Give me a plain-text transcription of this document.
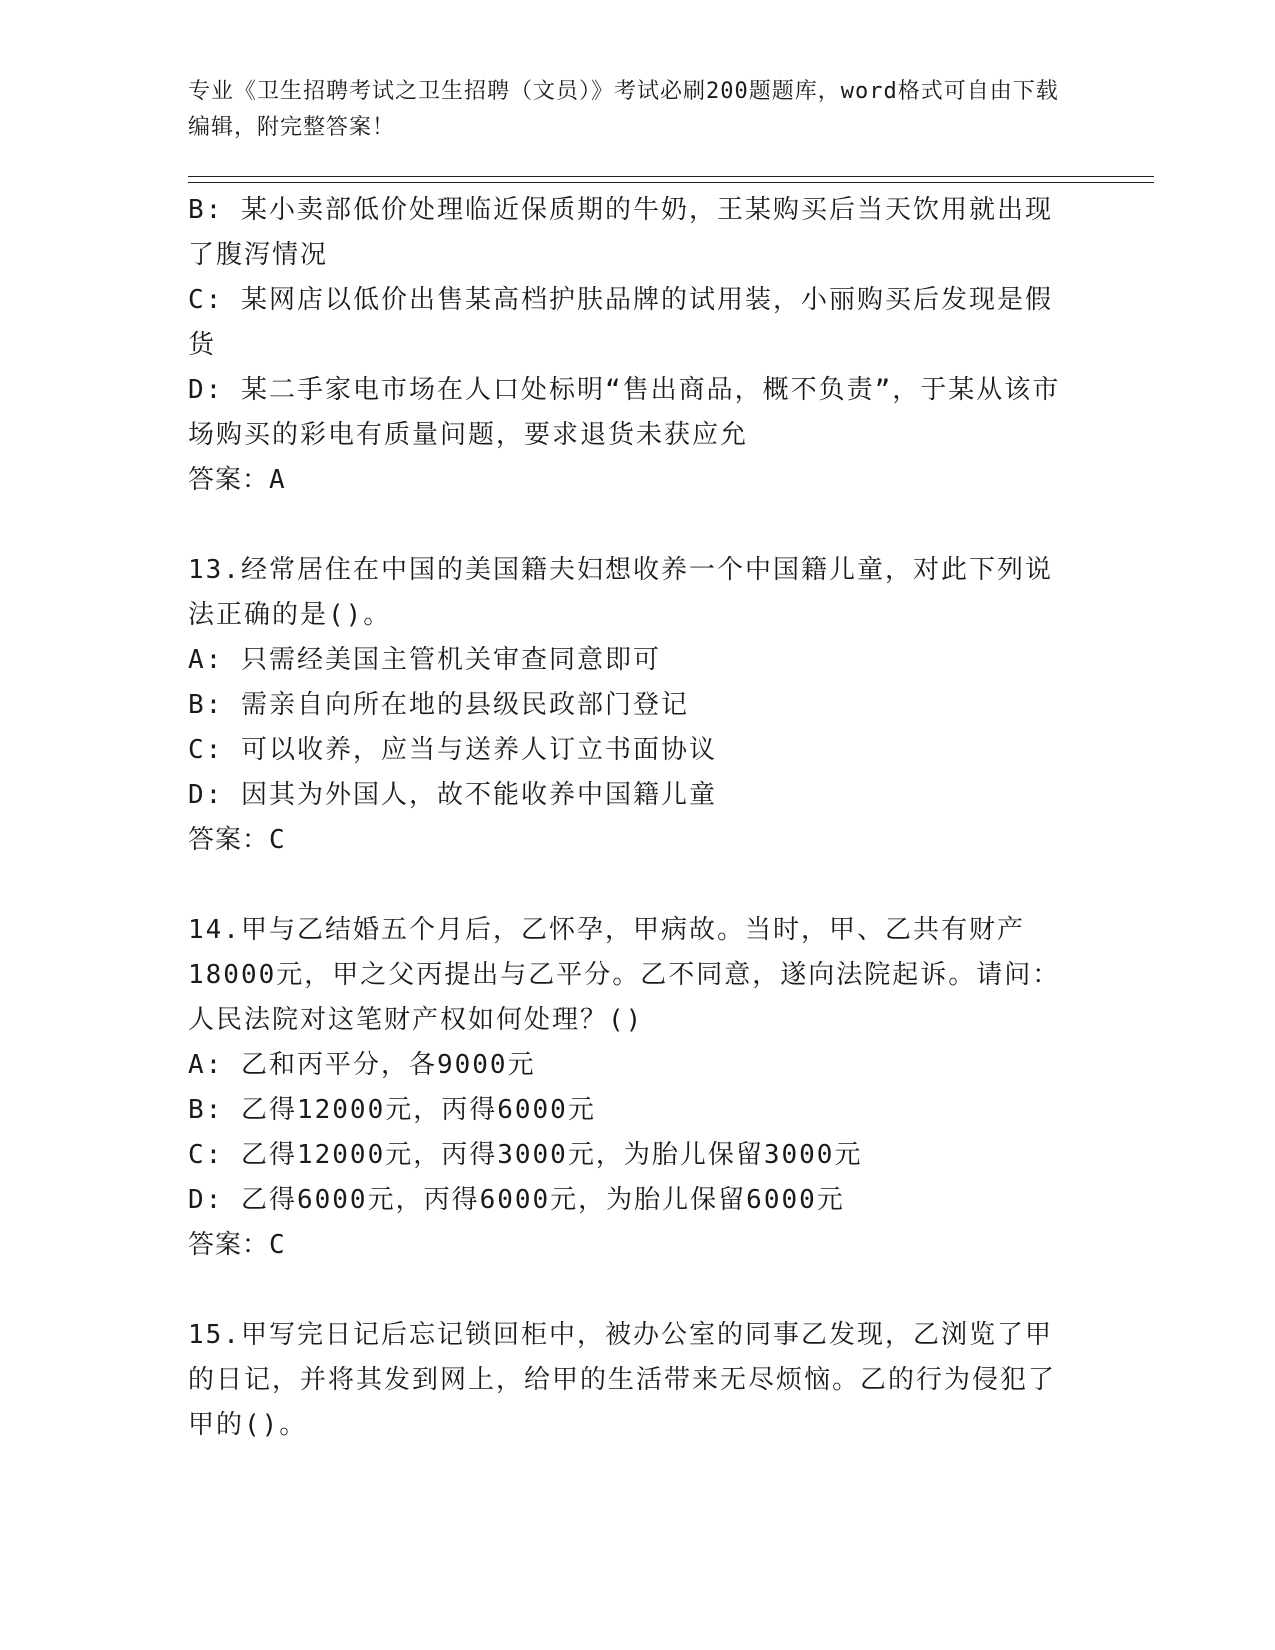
专业《卫生招聘考试之卫生招聘（文员）》考试必刷200题题库，word格式可自由下载编辑，附完整答案！

B: 某小卖部低价处理临近保质期的牛奶，王某购买后当天饮用就出现了腹泻情况

C: 某网店以低价出售某高档护肤品牌的试用装，小丽购买后发现是假货

D: 某二手家电市场在人口处标明“售出商品，概不负责”，于某从该市场购买的彩电有质量问题，要求退货未获应允

答案：A

13.经常居住在中国的美国籍夫妇想收养一个中国籍儿童，对此下列说法正确的是()。

A: 只需经美国主管机关审查同意即可

B: 需亲自向所在地的县级民政部门登记

C: 可以收养，应当与送养人订立书面协议

D: 因其为外国人，故不能收养中国籍儿童

答案：C

14.甲与乙结婚五个月后，乙怀孕，甲病故。当时，甲、乙共有财产18000元，甲之父丙提出与乙平分。乙不同意，遂向法院起诉。请问：人民法院对这笔财产权如何处理？()

A: 乙和丙平分，各9000元

B: 乙得12000元，丙得6000元

C: 乙得12000元，丙得3000元，为胎儿保留3000元

D: 乙得6000元，丙得6000元，为胎儿保留6000元

答案：C

15.甲写完日记后忘记锁回柜中，被办公室的同事乙发现，乙浏览了甲的日记，并将其发到网上，给甲的生活带来无尽烦恼。乙的行为侵犯了甲的()。
